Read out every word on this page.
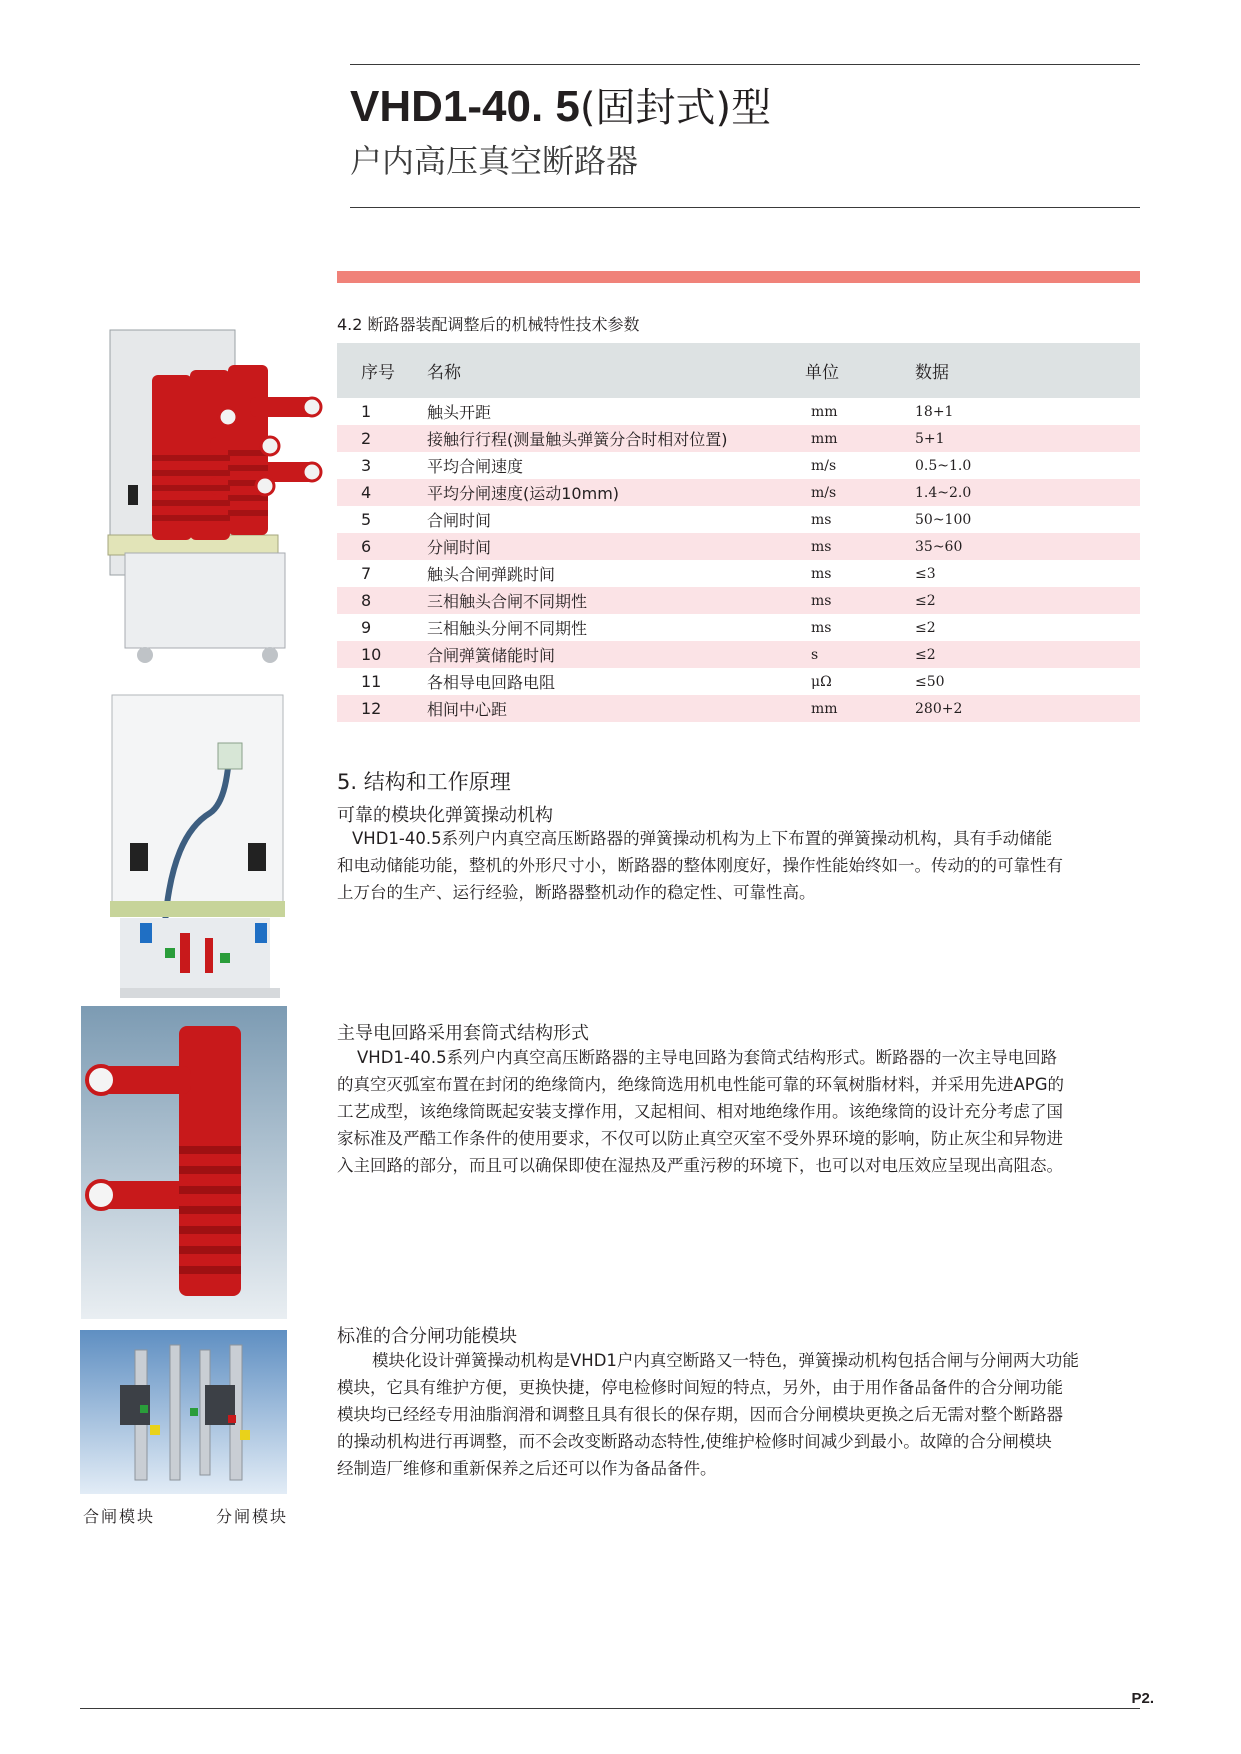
VHD1-40. 5(固封式)型
户内高压真空断路器
4.2 断路器装配调整后的机械特性技术参数
序号	名称	单位	数据
1	触头开距	mm	18+1
2	接触行行程(测量触头弹簧分合时相对位置)	mm	5+1
3	平均合闸速度	m/s	0.5~1.0
4	平均分闸速度(运动10mm)	m/s	1.4~2.0
5	合闸时间	ms	50~100
6	分闸时间	ms	35~60
7	触头合闸弹跳时间	ms	≤3
8	三相触头合闸不同期性	ms	≤2
9	三相触头分闸不同期性	ms	≤2
10	合闸弹簧储能时间	s	≤2
11	各相导电回路电阻	μΩ	≤50
12	相间中心距	mm	280+2
5. 结构和工作原理
可靠的模块化弹簧操动机构
VHD1-40.5系列户内真空高压断路器的弹簧操动机构为上下布置的弹簧操动机构，具有手动储能
和电动储能功能，整机的外形尺寸小，断路器的整体刚度好，操作性能始终如一。传动的的可靠性有
上万台的生产、运行经验，断路器整机动作的稳定性、可靠性高。
主导电回路采用套筒式结构形式
VHD1-40.5系列户内真空高压断路器的主导电回路为套筒式结构形式。断路器的一次主导电回路
的真空灭弧室布置在封闭的绝缘筒内，绝缘筒选用机电性能可靠的环氧树脂材料，并采用先进APG的
工艺成型，该绝缘筒既起安装支撑作用，又起相间、相对地绝缘作用。该绝缘筒的设计充分考虑了国
家标准及严酷工作条件的使用要求，不仅可以防止真空灭室不受外界环境的影响，防止灰尘和异物进
入主回路的部分，而且可以确保即使在湿热及严重污秽的环境下，也可以对电压效应呈现出高阻态。
标准的合分闸功能模块
模块化设计弹簧操动机构是VHD1户内真空断路又一特色，弹簧操动机构包括合闸与分闸两大功能
模块，它具有维护方便，更换快捷，停电检修时间短的特点，另外，由于用作备品备件的合分闸功能
模块均已经经专用油脂润滑和调整且具有很长的保存期，因而合分闸模块更换之后无需对整个断路器
的操动机构进行再调整，而不会改变断路动态特性,使维护检修时间减少到最小。故障的合分闸模块
经制造厂维修和重新保养之后还可以作为备品备件。
合闸模块	分闸模块
P2.
